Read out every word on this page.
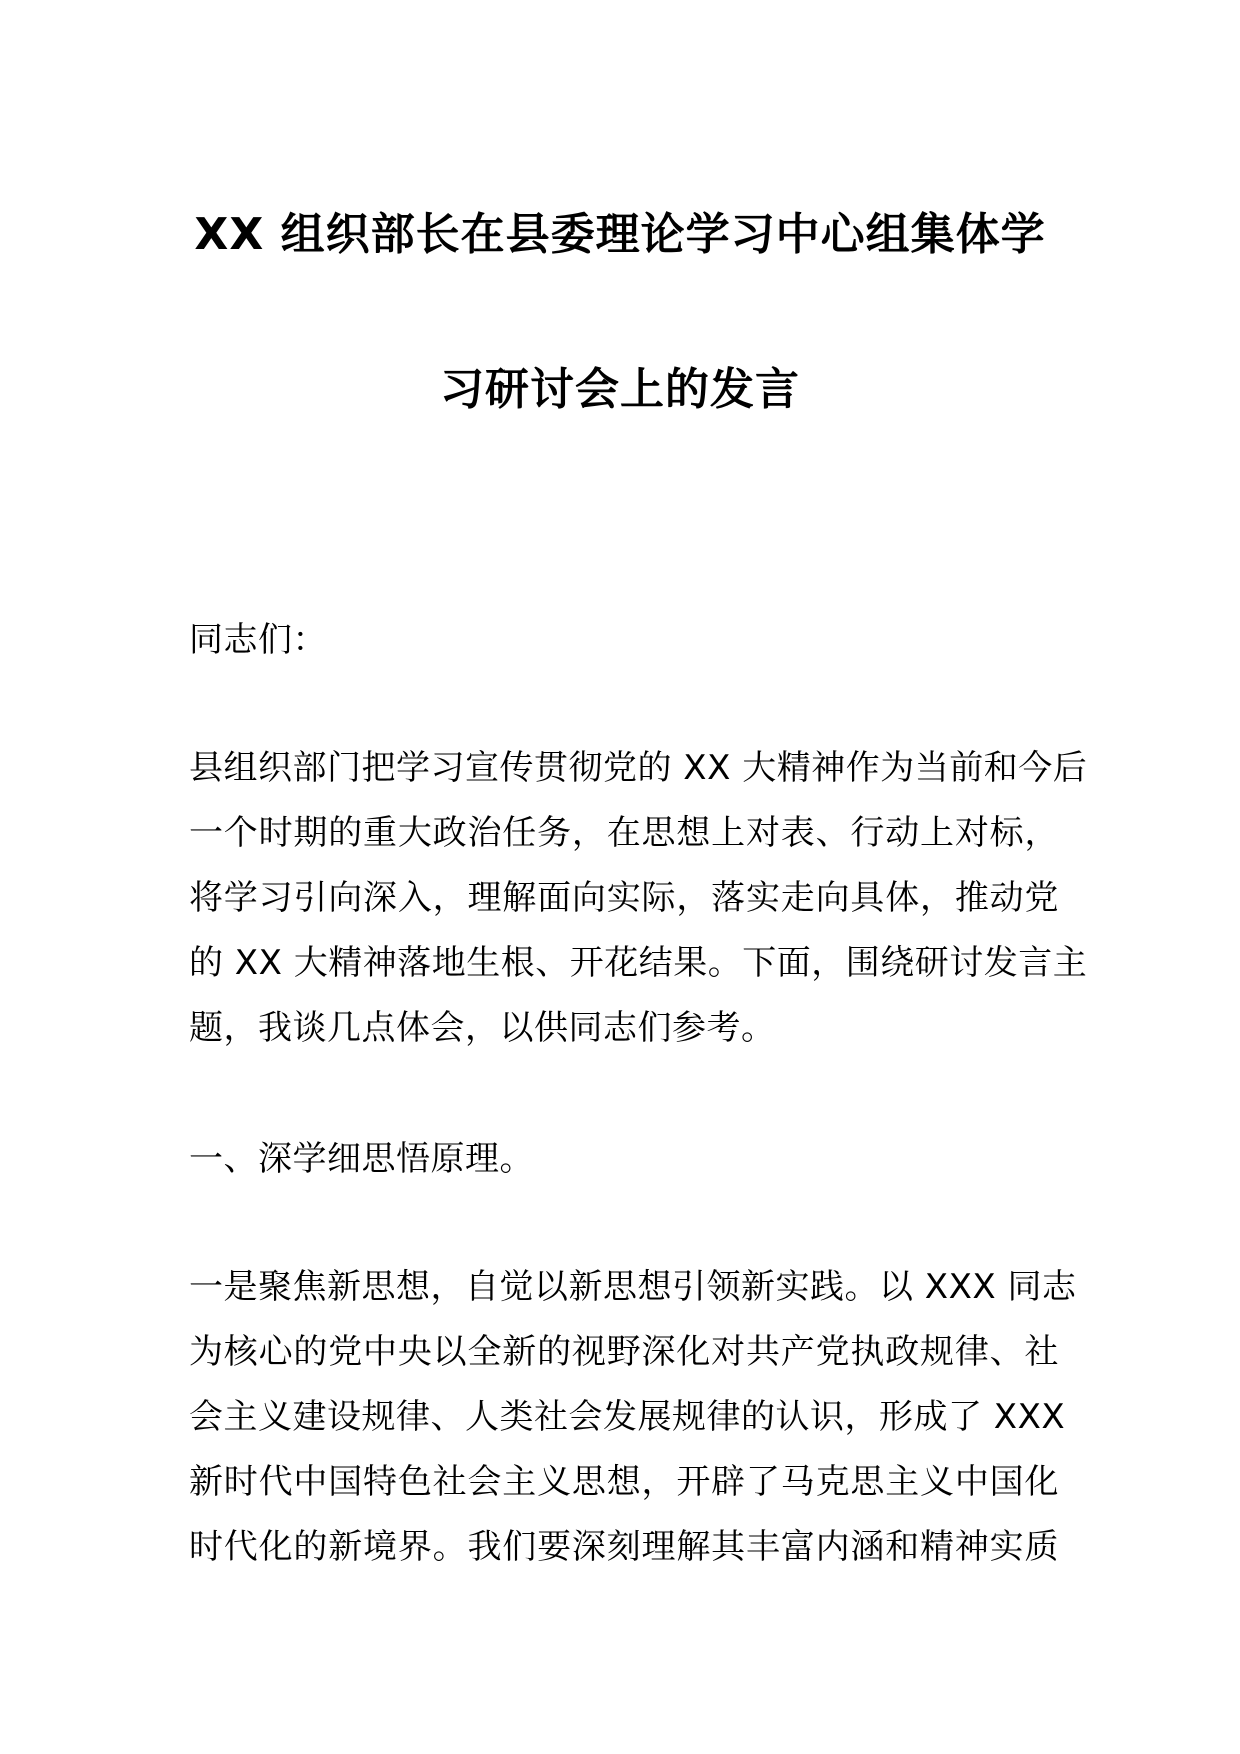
XX 组织部长在县委理论学习中心组集体学
习研讨会上的发言
同志们：
县组织部门把学习宣传贯彻党的 XX 大精神作为当前和今后
一个时期的重大政治任务，在思想上对表、行动上对标，
将学习引向深入，理解面向实际，落实走向具体，推动党
的 XX 大精神落地生根、开花结果。下面，围绕研讨发言主
题，我谈几点体会，以供同志们参考。
一、深学细思悟原理。
一是聚焦新思想，自觉以新思想引领新实践。以 XXX 同志
为核心的党中央以全新的视野深化对共产党执政规律、社
会主义建设规律、人类社会发展规律的认识，形成了 XXX
新时代中国特色社会主义思想，开辟了马克思主义中国化
时代化的新境界。我们要深刻理解其丰富内涵和精神实质
